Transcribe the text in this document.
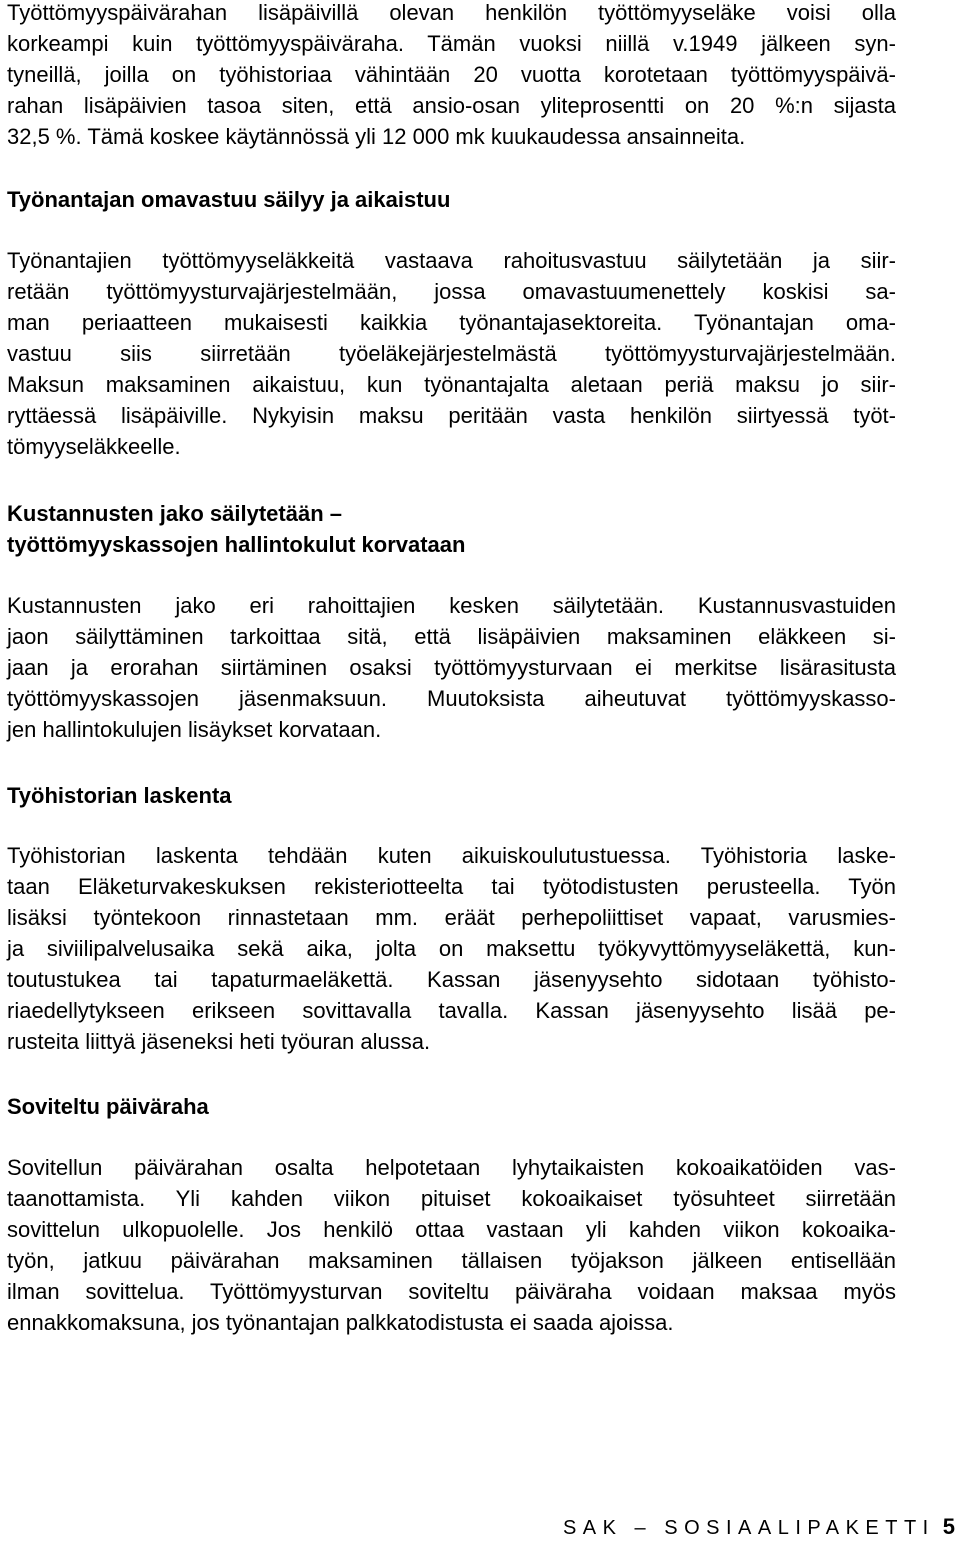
Työttömyyspäivärahan lisäpäivillä olevan henkilön työttömyyseläke voisi olla
korkeampi kuin työttömyyspäiväraha. Tämän vuoksi niillä v.1949 jälkeen syn-
tyneillä, joilla on työhistoriaa vähintään 20 vuotta korotetaan työttömyyspäivä-
rahan lisäpäivien tasoa siten, että ansio-osan yliteprosentti on 20 %:n sijasta
32,5 %. Tämä koskee käytännössä yli 12 000 mk kuukaudessa ansainneita.
Työnantajan omavastuu säilyy ja aikaistuu
Työnantajien työttömyyseläkkeitä vastaava rahoitusvastuu säilytetään ja siir-
retään työttömyysturvajärjestelmään, jossa omavastuumenettely koskisi sa-
man periaatteen mukaisesti kaikkia työnantajasektoreita. Työnantajan oma-
vastuu siis siirretään työeläkejärjestelmästä työttömyysturvajärjestelmään.
Maksun maksaminen aikaistuu, kun työnantajalta aletaan periä maksu jo siir-
ryttäessä lisäpäiville. Nykyisin maksu peritään vasta henkilön siirtyessä työt-
tömyyseläkkeelle.
Kustannusten jako säilytetään –
työttömyyskassojen hallintokulut korvataan
Kustannusten jako eri rahoittajien kesken säilytetään. Kustannusvastuiden
jaon säilyttäminen tarkoittaa sitä, että lisäpäivien maksaminen eläkkeen si-
jaan ja erorahan siirtäminen osaksi työttömyysturvaan ei merkitse lisärasitusta
työttömyyskassojen jäsenmaksuun. Muutoksista aiheutuvat työttömyyskasso-
jen hallintokulujen lisäykset korvataan.
Työhistorian laskenta
Työhistorian laskenta tehdään kuten aikuiskoulutustuessa. Työhistoria laske-
taan Eläketurvakeskuksen rekisteriotteelta tai työtodistusten perusteella. Työn
lisäksi työntekoon rinnastetaan mm. eräät perhepoliittiset vapaat, varusmies-
ja siviilipalvelusaika sekä aika, jolta on maksettu työkyvyttömyyseläkettä, kun-
toutustukea tai tapaturmaeläkettä. Kassan jäsenyysehto sidotaan työhisto-
riaedellytykseen erikseen sovittavalla tavalla. Kassan jäsenyysehto lisää pe-
rusteita liittyä jäseneksi heti työuran alussa.
Soviteltu päiväraha
Sovitellun päivärahan osalta helpotetaan lyhytaikaisten kokoaikatöiden vas-
taanottamista. Yli kahden viikon pituiset kokoaikaiset työsuhteet siirretään
sovittelun ulkopuolelle. Jos henkilö ottaa vastaan yli kahden viikon kokoaika-
työn, jatkuu päivärahan maksaminen tällaisen työjakson jälkeen entisellään
ilman sovittelua. Työttömyysturvan soviteltu päiväraha voidaan maksaa myös
ennakkomaksuna, jos työnantajan palkkatodistusta ei saada ajoissa.
SAK – SOSIAALIPAKETTI 5
